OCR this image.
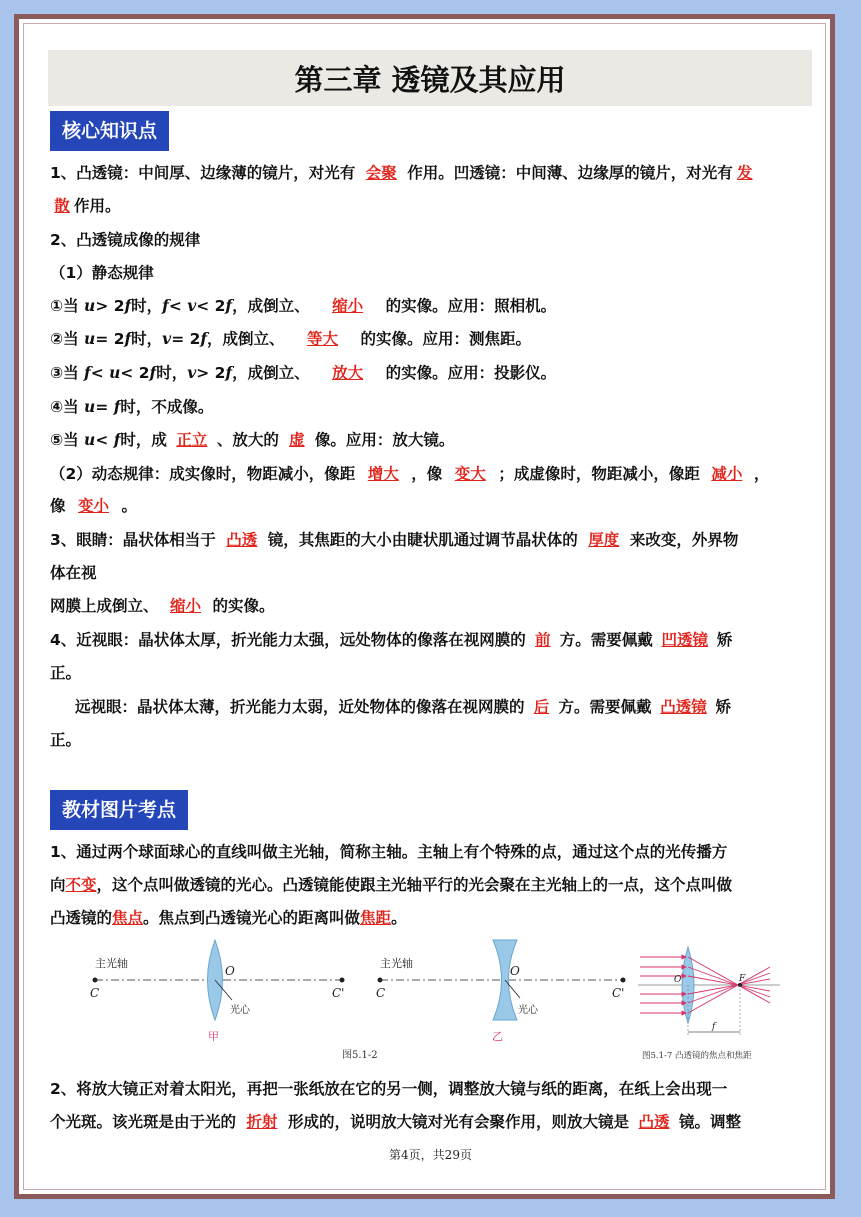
第三章 透镜及其应用
核心知识点
1、凸透镜：中间厚、边缘薄的镜片，对光有 会聚 作用。凹透镜：中间薄、边缘厚的镜片，对光有 发
散 作用。
2、凸透镜成像的规律
（1）静态规律
①当 u> 2f时，f< v< 2f，成倒立、 缩小 的实像。应用：照相机。
②当 u= 2f时，v= 2f，成倒立、 等大 的实像。应用：测焦距。
③当 f< u< 2f时，v> 2f，成倒立、 放大 的实像。应用：投影仪。
④当 u= f时，不成像。
⑤当 u< f时，成 正立 、放大的 虚 像。应用：放大镜。
（2）动态规律：成实像时，物距减小，像距 增大 ，像 变大 ；成虚像时，物距减小，像距 减小 ，
像 变小 。
3、眼睛：晶状体相当于 凸透 镜，其焦距的大小由睫状肌通过调节晶状体的 厚度 来改变，外界物
体在视
网膜上成倒立、 缩小 的实像。
4、近视眼：晶状体太厚，折光能力太强，远处物体的像落在视网膜的 前 方。需要佩戴 凹透镜 矫
正。
远视眼：晶状体太薄，折光能力太弱，近处物体的像落在视网膜的 后 方。需要佩戴 凸透镜 矫
正。
教材图片考点
1、通过两个球面球心的直线叫做主光轴，简称主轴。主轴上有个特殊的点，通过这个点的光传播方
向不变，这个点叫做透镜的光心。凸透镜能使跟主光轴平行的光会聚在主光轴上的一点，这个点叫做
凸透镜的焦点。焦点到凸透镜光心的距离叫做焦距。
主光轴
C
O
C'
光心
甲
主光轴
C
O
C'
光心
乙
图5.1-2
O	F
f
图5.1-7 凸透镜的焦点和焦距
2、将放大镜正对着太阳光，再把一张纸放在它的另一侧，调整放大镜与纸的距离，在纸上会出现一
个光斑。该光斑是由于光的 折射 形成的，说明放大镜对光有会聚作用，则放大镜是 凸透 镜。调整
第4页，共29页
